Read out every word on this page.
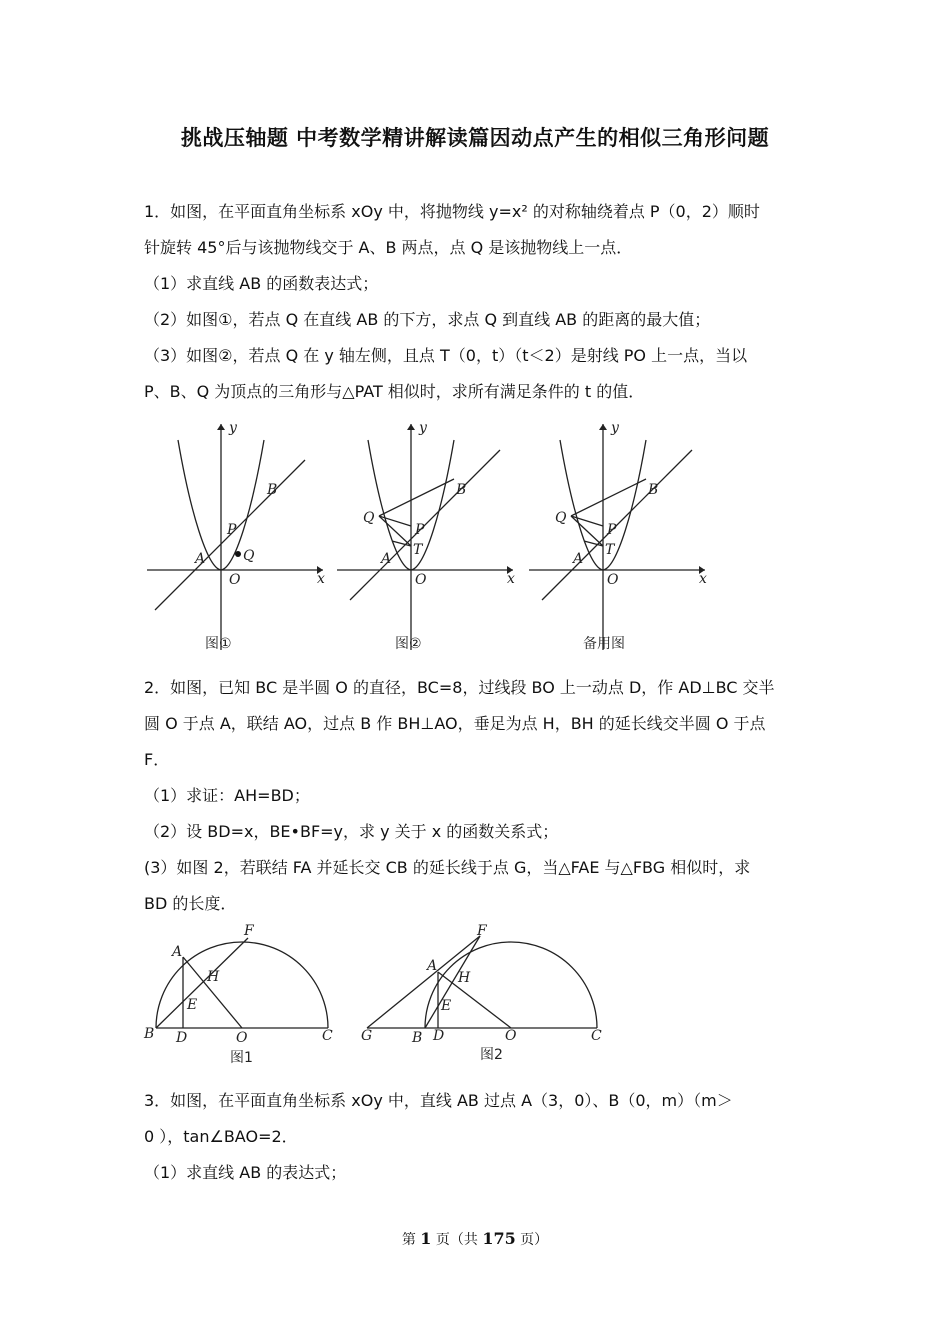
挑战压轴题 中考数学精讲解读篇因动点产生的相似三角形问题
1．如图，在平面直角坐标系 xOy 中，将抛物线 y=x² 的对称轴绕着点 P（0，2）顺时
针旋转 45°后与该抛物线交于 A、B 两点，点 Q 是该抛物线上一点．
（1）求直线 AB 的函数表达式；
（2）如图①，若点 Q 在直线 AB 的下方，求点 Q 到直线 AB 的距离的最大值；
（3）如图②，若点 Q 在 y 轴左侧，且点 T（0，t）（t＜2）是射线 PO 上一点，当以
P、B、Q 为顶点的三角形与△PAT 相似时，求所有满足条件的 t 的值．
y
x
O
A
B
P
Q
图①
y
x
O
A
B
P
Q
T
图②
y
x
O
A
B
P
Q
T
备用图
2．如图，已知 BC 是半圆 O 的直径，BC=8，过线段 BO 上一动点 D，作 AD⊥BC 交半
圆 O 于点 A，联结 AO，过点 B 作 BH⊥AO，垂足为点 H，BH 的延长线交半圆 O 于点
F．
（1）求证：AH=BD；
（2）设 BD=x，BE•BF=y，求 y 关于 x 的函数关系式；
(3）如图 2，若联结 FA 并延长交 CB 的延长线于点 G，当△FAE 与△FBG 相似时，求
BD 的长度．
A
F
H
E
B D	O	C
图1
F
A
H
E
G	B D	O	C
图2
3．如图，在平面直角坐标系 xOy 中，直线 AB 过点 A（3，0）、B（0，m）（m＞
0 ），tan∠BAO=2．
（1）求直线 AB 的表达式；
第 1 页（共 175 页）
